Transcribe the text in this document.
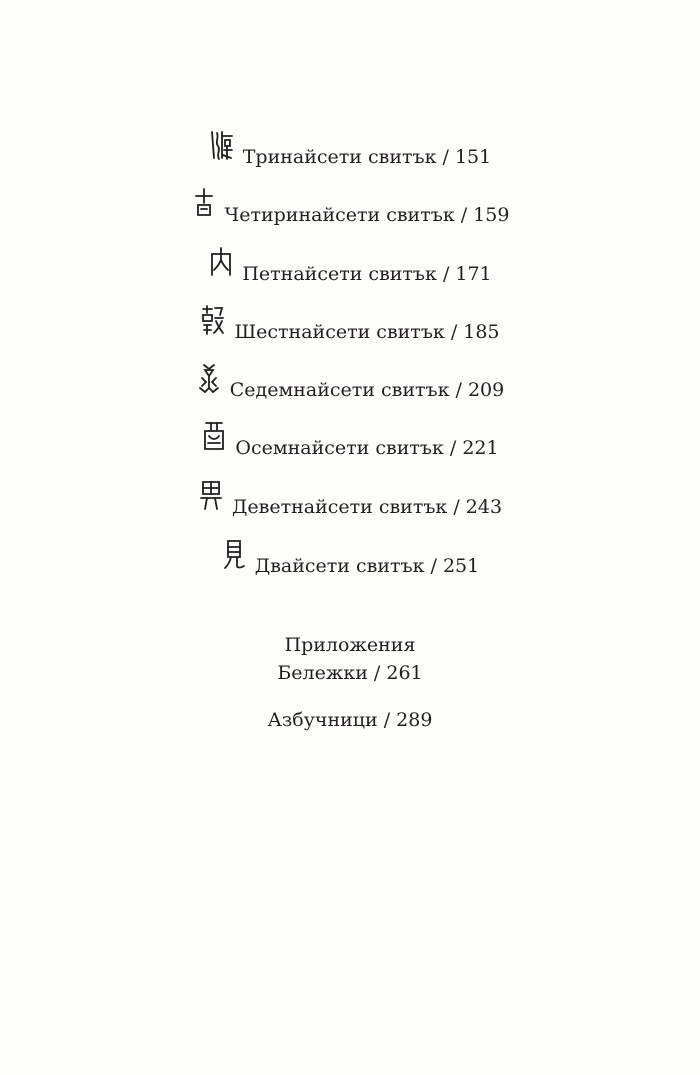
Тринайсети свитък / 151
Четиринайсети свитък / 159
Петнайсети свитък / 171
Шестнайсети свитък / 185
Седемнайсети свитък / 209
Осемнайсети свитък / 221
Деветнайсети свитък / 243
Двайсети свитък / 251
Приложения
Бележки / 261
Азбучници / 289
